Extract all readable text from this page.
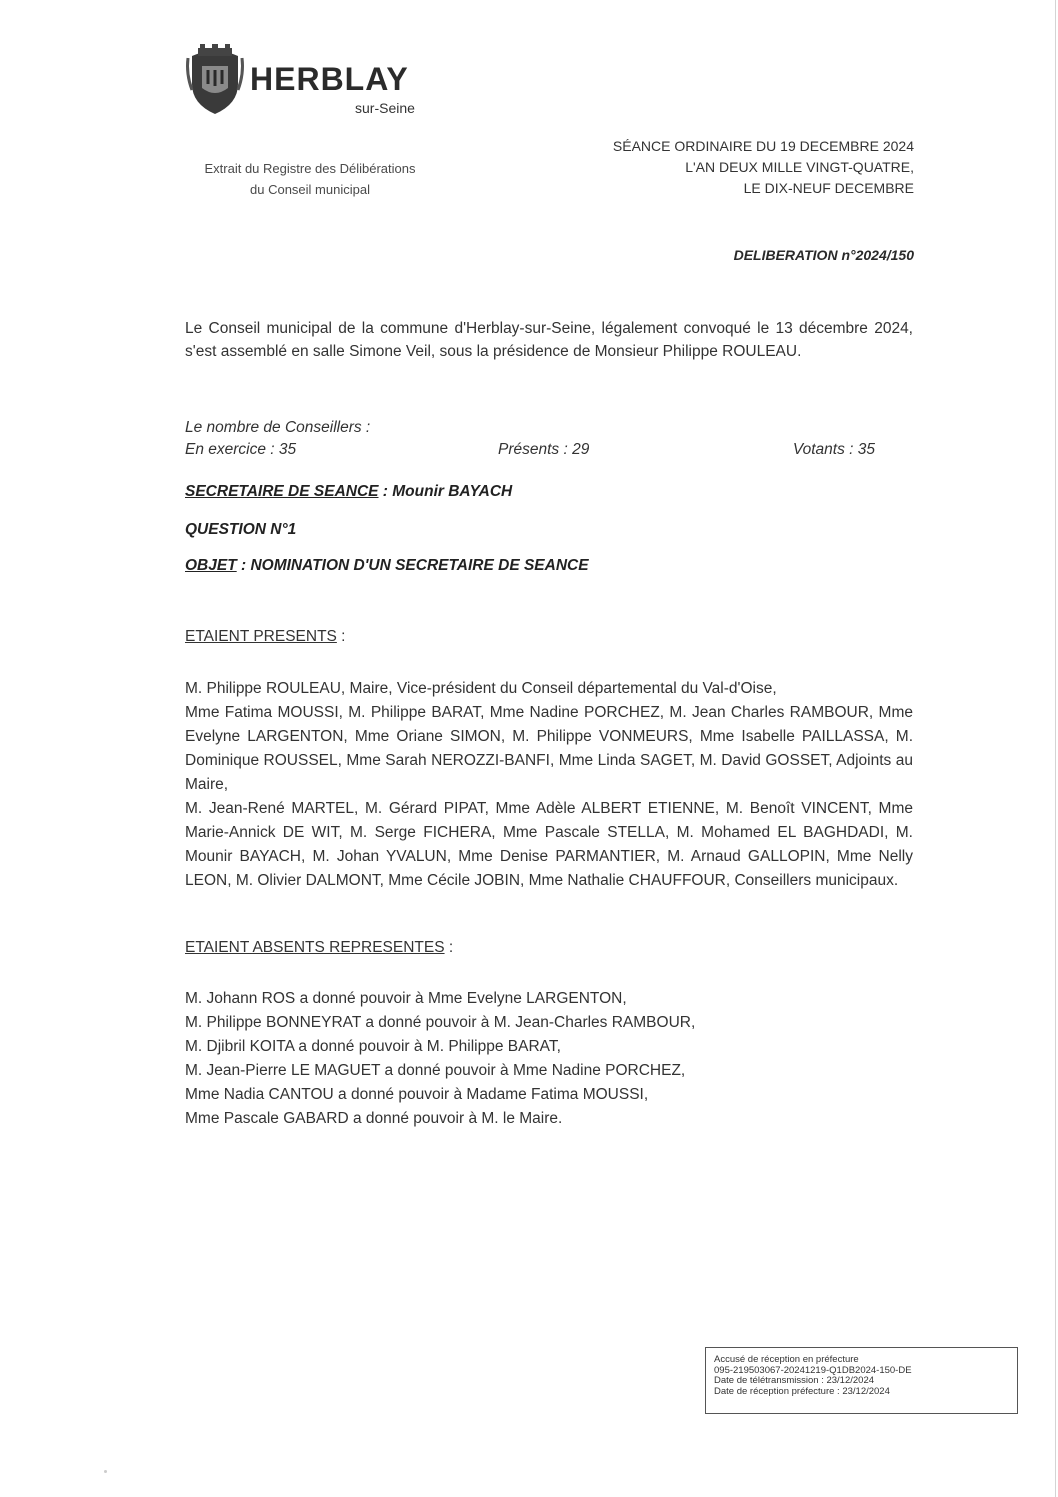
HERBLAY
sur-Seine
Extrait du Registre des Délibérations
du Conseil municipal
SÉANCE ORDINAIRE DU 19 DECEMBRE 2024
L'AN DEUX MILLE VINGT-QUATRE,
LE DIX-NEUF DECEMBRE
DELIBERATION n°2024/150
Le Conseil municipal de la commune d'Herblay-sur-Seine, légalement convoqué le 13 décembre 2024, s'est assemblé en salle Simone Veil, sous la présidence de Monsieur Philippe ROULEAU.
Le nombre de Conseillers :
En exercice : 35	Présents : 29	Votants : 35
SECRETAIRE DE SEANCE : Mounir BAYACH
QUESTION N°1
OBJET : NOMINATION D'UN SECRETAIRE DE SEANCE
ETAIENT PRESENTS :

M. Philippe ROULEAU, Maire, Vice-président du Conseil départemental du Val-d'Oise,

Mme Fatima MOUSSI, M. Philippe BARAT, Mme Nadine PORCHEZ, M. Jean Charles RAMBOUR, Mme Evelyne LARGENTON, Mme Oriane SIMON, M. Philippe VONMEURS, Mme Isabelle PAILLASSA, M. Dominique ROUSSEL, Mme Sarah NEROZZI-BANFI, Mme Linda SAGET, M. David GOSSET, Adjoints au Maire,

M. Jean-René MARTEL, M. Gérard PIPAT, Mme Adèle ALBERT ETIENNE, M. Benoît VINCENT, Mme Marie-Annick DE WIT, M. Serge FICHERA, Mme Pascale STELLA, M. Mohamed EL BAGHDADI, M. Mounir BAYACH, M. Johan YVALUN, Mme Denise PARMANTIER, M. Arnaud GALLOPIN, Mme Nelly LEON, M. Olivier DALMONT, Mme Cécile JOBIN, Mme Nathalie CHAUFFOUR, Conseillers municipaux.

ETAIENT ABSENTS REPRESENTES :
M. Johann ROS a donné pouvoir à Mme Evelyne LARGENTON,
M. Philippe BONNEYRAT a donné pouvoir à M. Jean-Charles RAMBOUR,
M. Djibril KOITA a donné pouvoir à M. Philippe BARAT,
M. Jean-Pierre LE MAGUET a donné pouvoir à Mme Nadine PORCHEZ,
Mme Nadia CANTOU a donné pouvoir à Madame Fatima MOUSSI,
Mme Pascale GABARD a donné pouvoir à M. le Maire.
Accusé de réception en préfecture
095-219503067-20241219-Q1DB2024-150-DE
Date de télétransmission : 23/12/2024
Date de réception préfecture : 23/12/2024
